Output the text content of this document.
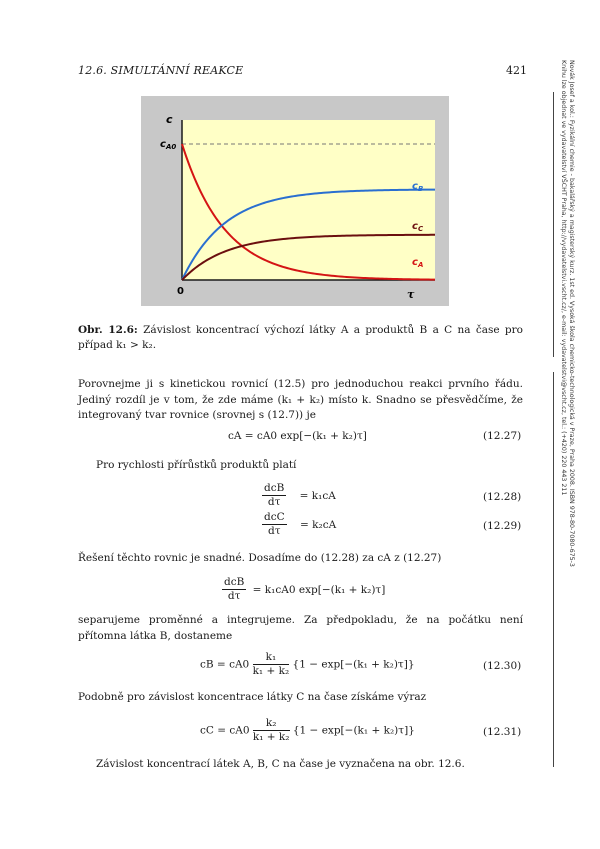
12.6. SIMULTÁNNÍ REAKCE	421	Novák Josef a kol.: Fyzikální chemie - bakalářský a magisterský kurz. 1st ed. Vysoká škola chemicko-technologická v Praze, Praha 2008. ISBN 978-80-7080-675-3
Knihu lze objednat ve vydavatelství VŠCHT Praha, http://vydavatelstvi.vscht.cz/, e-mail: vydavatelstvi@vscht.cz, tel.: (+420) 220 443 211
c
$c_{A0}$
0	τ
$c_B$
$c_C$
$c_A$
Obr. 12.6: Závislost koncentrací výchozí látky A a produktů B a C na čase pro případ k₁ > k₂.
Porovnejme ji s kinetickou rovnicí (12.5) pro jednoduchou reakci prvního řádu. Jediný rozdíl je v tom, že zde máme (k₁ + k₂) místo k. Snadno se přesvědčíme, že integrovaný tvar rovnice (srovnej s (12.7)) je
cA = cA0 exp[−(k₁ + k₂)τ]	(12.27)
Pro rychlosti přírůstků produktů platí
$\frac{\text{dcB}}{d\tau} = k_1cA$	(12.28)
$\frac{\text{dcC}}{d\tau} = k_2cA$	(12.29)
Řešení těchto rovnic je snadné. Dosadíme do (12.28) za cA z (12.27)
$\frac{\text{dcB}}{d\tau} = k_1cA0$ exp[−(k₁ + k₂)τ]
separujeme proměnné a integrujeme. Za předpokladu, že na počátku není přítomna látka B, dostaneme
cB = $cA0 \frac{\text{k₁}}{\text{k₁ + k₂}} \{1 - \exp[-(k_1 + k_2)\tau]\}$	(12.30)
Podobně pro závislost koncentrace látky C na čase získáme výraz
cC = $cA0 \frac{\text{k₂}}{\text{k₁ + k₂}} \{1 - \exp[-(k_1 + k_2)\tau]\}$	(12.31)
Závislost koncentrací látek A, B, C na čase je vyznačena na obr. 12.6.
